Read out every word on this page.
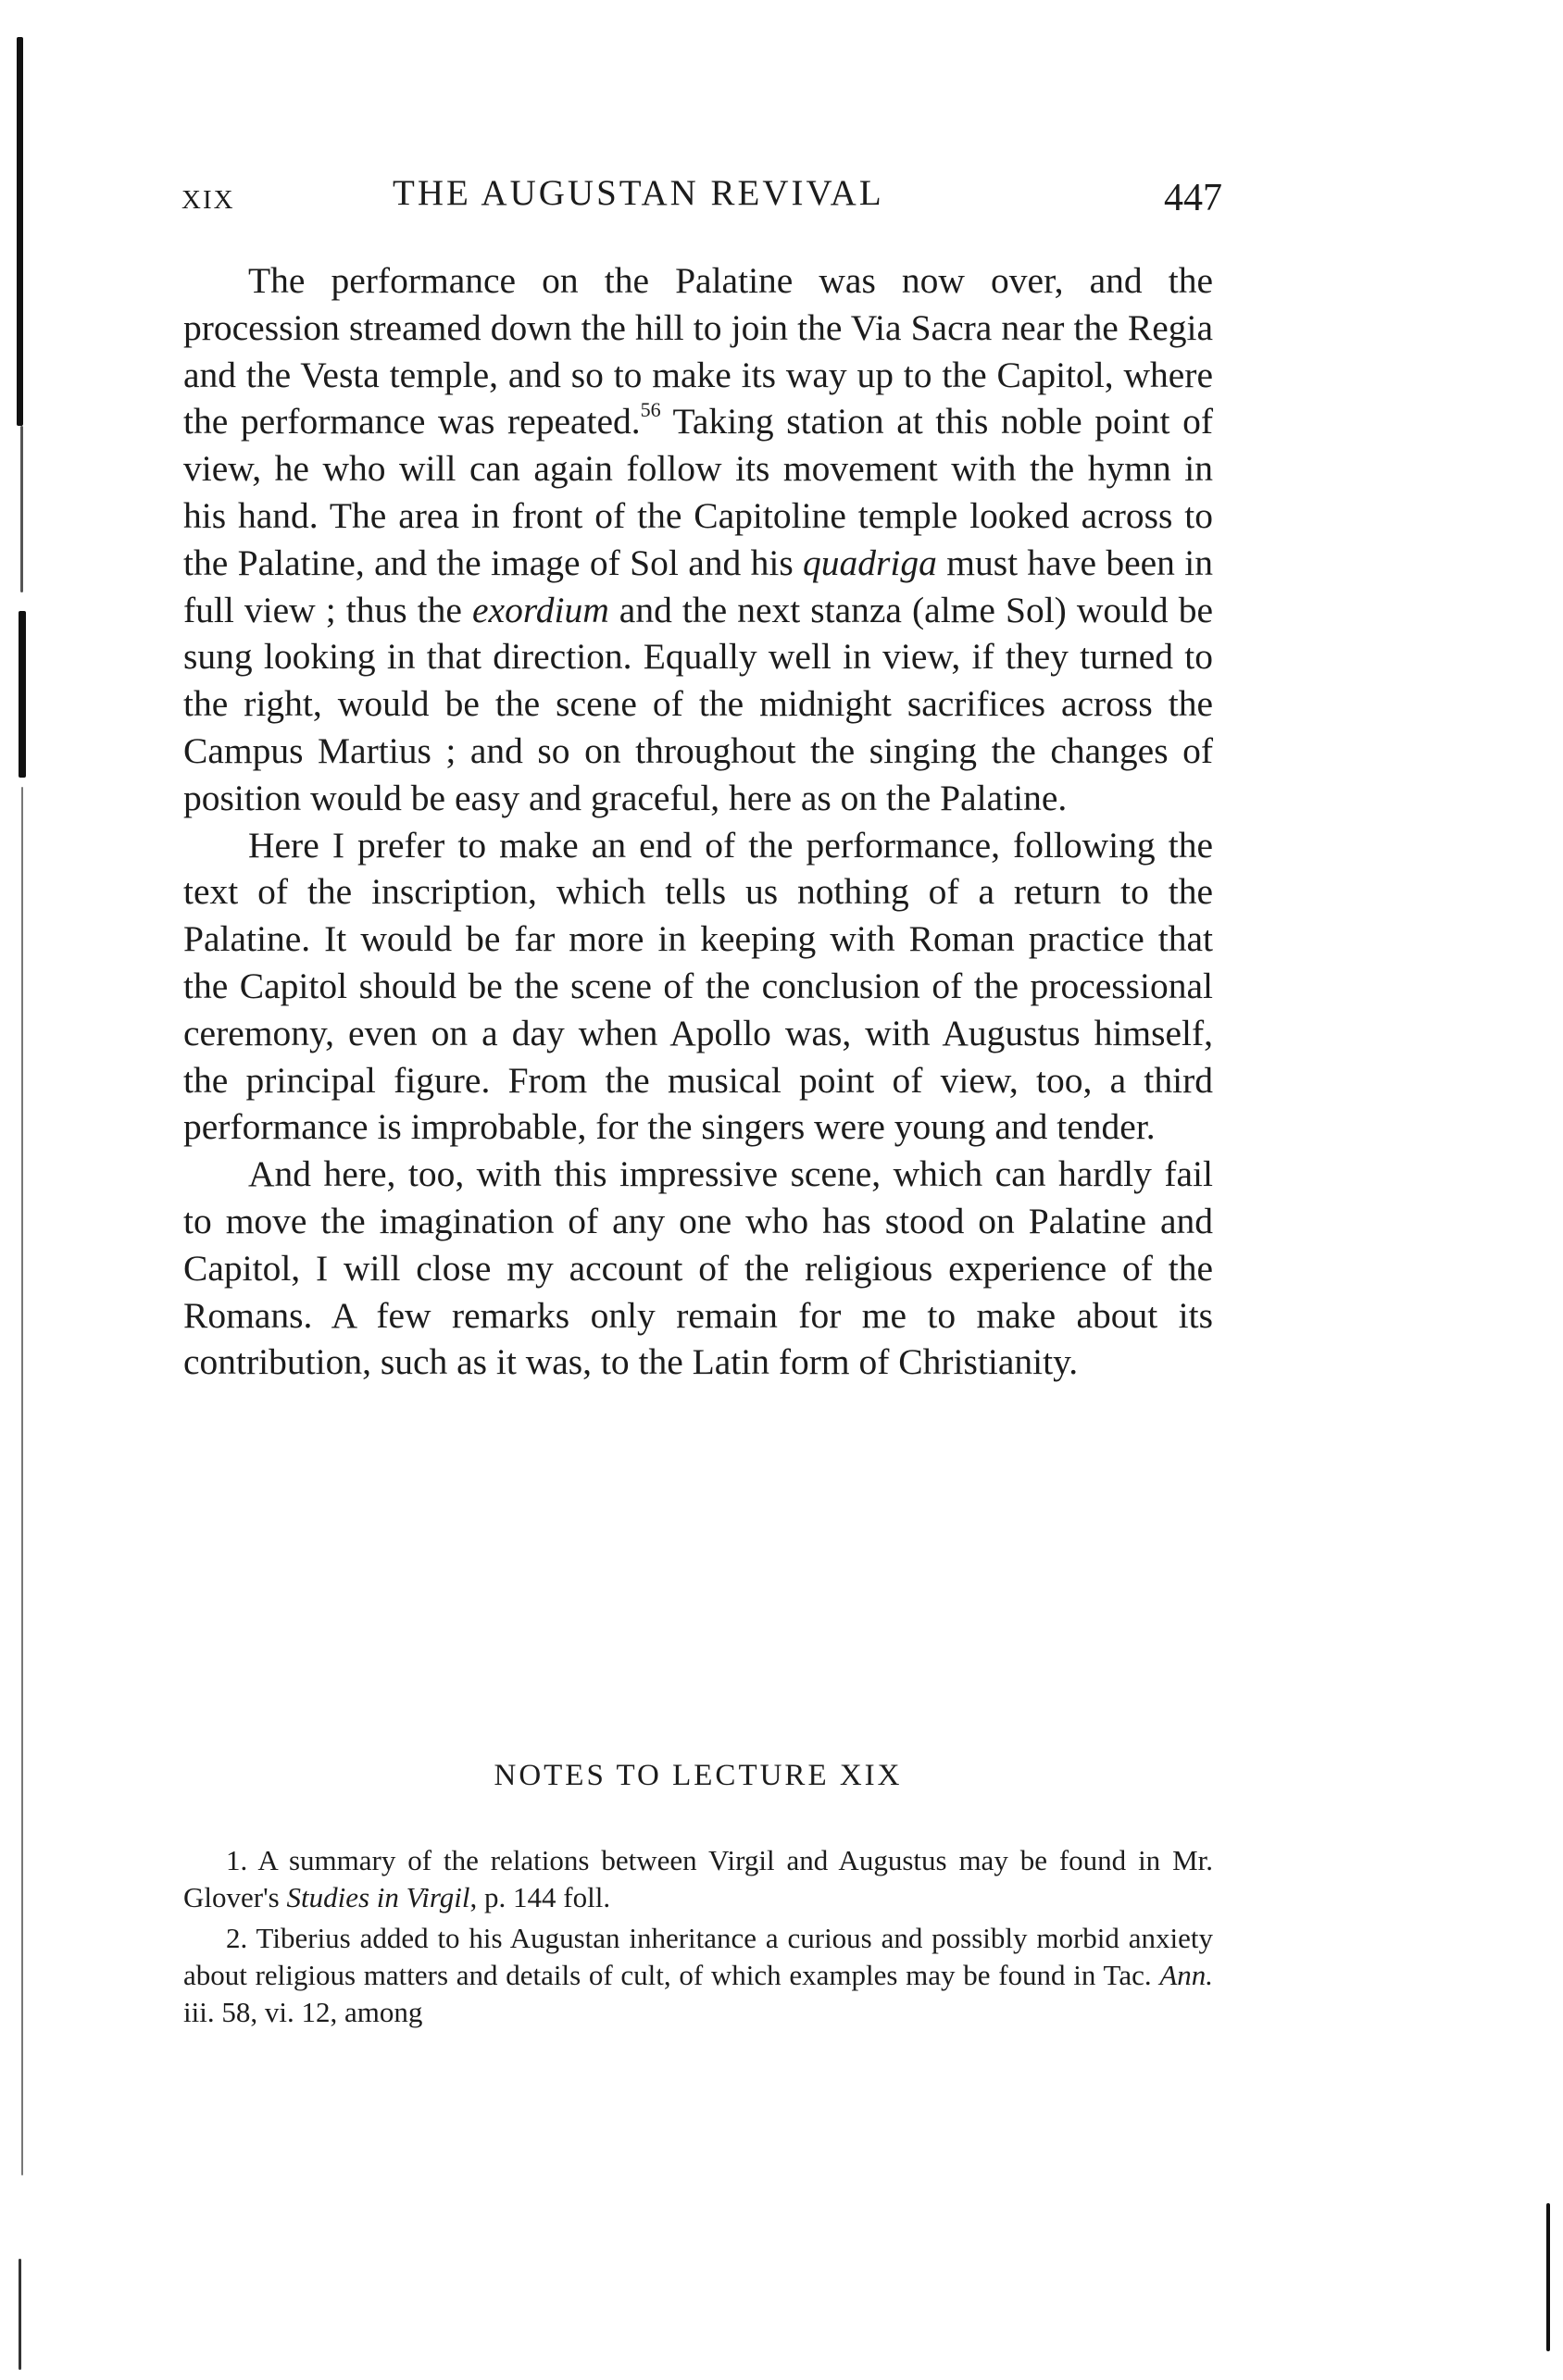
XIX	THE AUGUSTAN REVIVAL	447

The performance on the Palatine was now over, and the procession streamed down the hill to join the Via Sacra near the Regia and the Vesta temple, and so to make its way up to the Capitol, where the performance was repeated.$^{56}$ Taking station at this noble point of view, he who will can again follow its movement with the hymn in his hand. The area in front of the Capitoline temple looked across to the Palatine, and the image of Sol and his quadriga must have been in full view ; thus the exordium and the next stanza (alme Sol) would be sung looking in that direction. Equally well in view, if they turned to the right, would be the scene of the midnight sacrifices across the Campus Martius ; and so on throughout the singing the changes of position would be easy and graceful, here as on the Palatine.

Here I prefer to make an end of the performance, following the text of the inscription, which tells us nothing of a return to the Palatine. It would be far more in keeping with Roman practice that the Capitol should be the scene of the conclusion of the processional ceremony, even on a day when Apollo was, with Augustus himself, the principal figure. From the musical point of view, too, a third performance is improbable, for the singers were young and tender.

And here, too, with this impressive scene, which can hardly fail to move the imagination of any one who has stood on Palatine and Capitol, I will close my account of the religious experience of the Romans. A few remarks only remain for me to make about its contribution, such as it was, to the Latin form of Christianity.

NOTES TO LECTURE XIX

1. A summary of the relations between Virgil and Augustus may be found in Mr. Glover's Studies in Virgil, p. 144 foll.

2. Tiberius added to his Augustan inheritance a curious and possibly morbid anxiety about religious matters and details of cult, of which examples may be found in Tac. Ann. iii. 58, vi. 12, among
